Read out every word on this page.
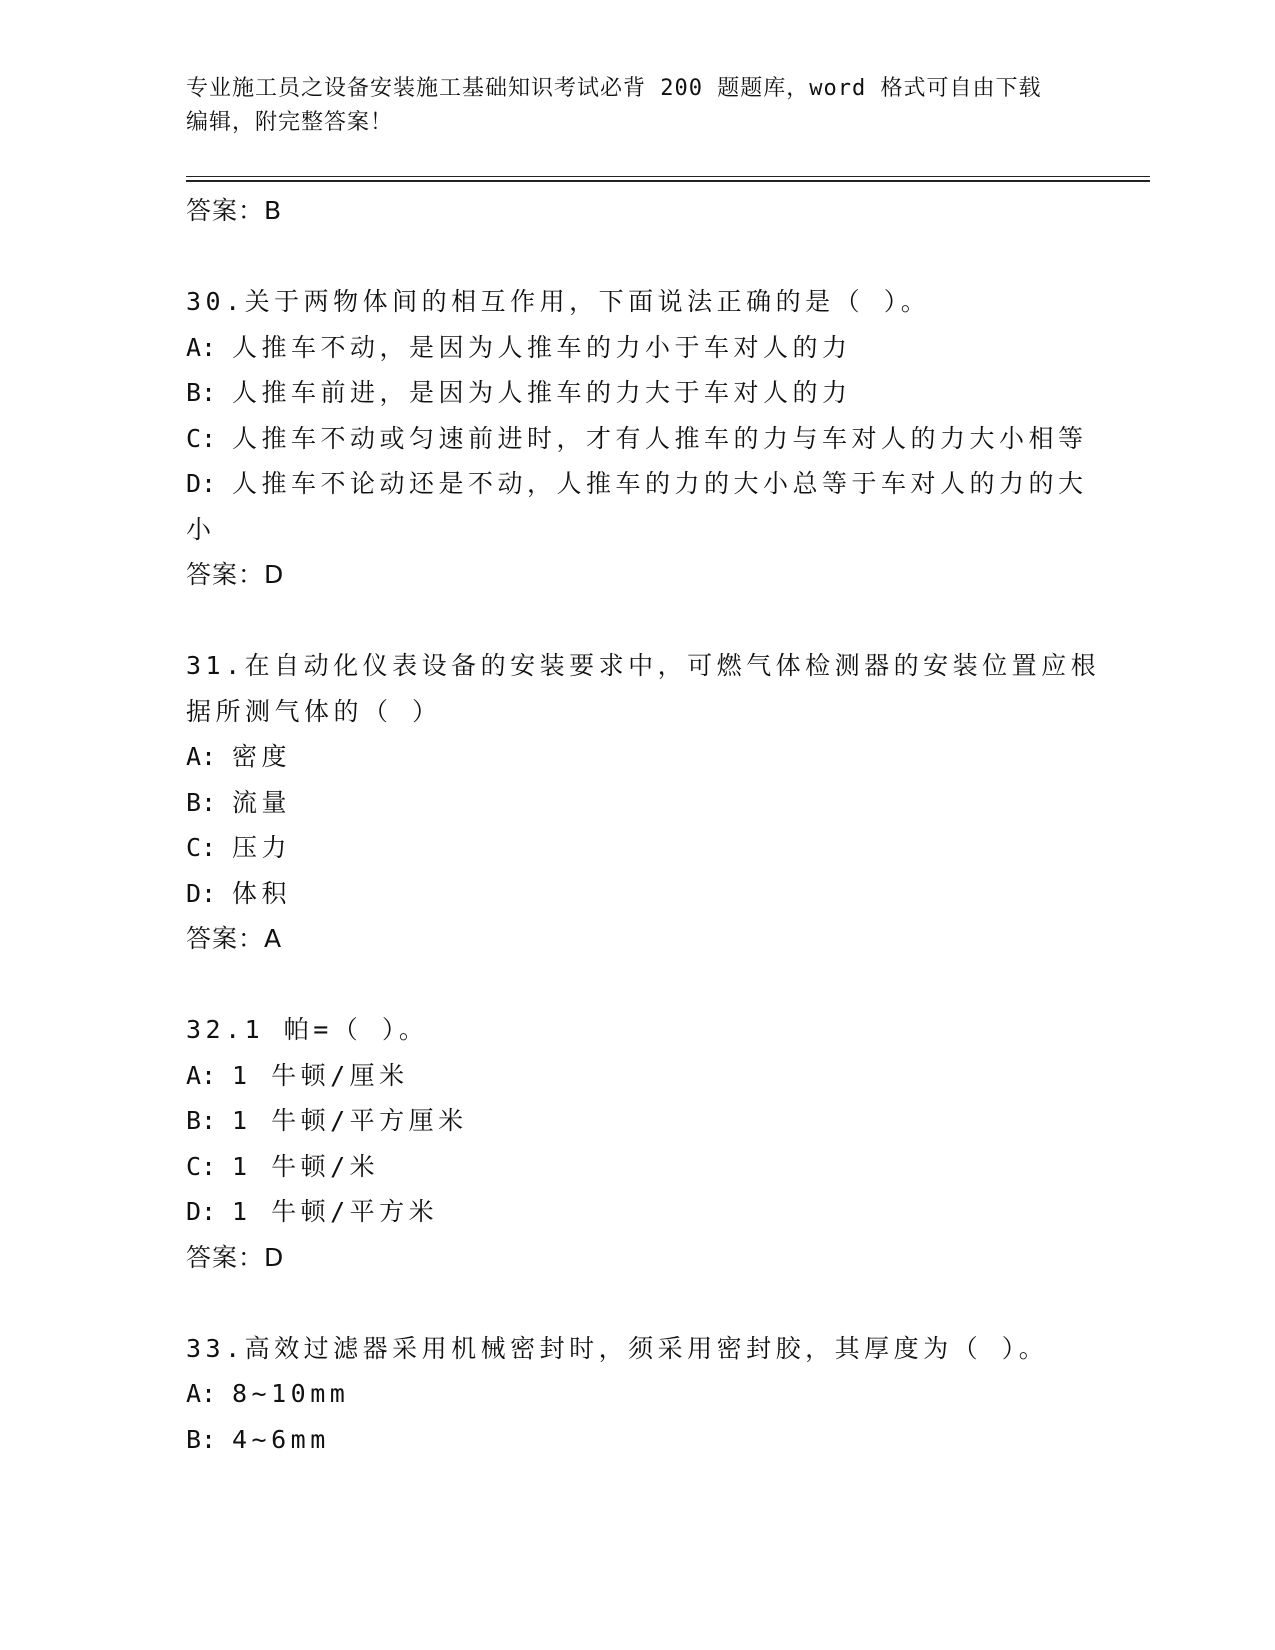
专业施工员之设备安装施工基础知识考试必背 200 题题库，word 格式可自由下载
编辑，附完整答案！
答案：B
30.关于两物体间的相互作用，下面说法正确的是（ ）。
A: 人推车不动，是因为人推车的力小于车对人的力
B: 人推车前进，是因为人推车的力大于车对人的力
C: 人推车不动或匀速前进时，才有人推车的力与车对人的力大小相等
D: 人推车不论动还是不动，人推车的力的大小总等于车对人的力的大
小
答案：D
31.在自动化仪表设备的安装要求中，可燃气体检测器的安装位置应根
据所测气体的（ ）
A: 密度
B: 流量
C: 压力
D: 体积
答案：A
32.1 帕=（ ）。
A: 1 牛顿/厘米
B: 1 牛顿/平方厘米
C: 1 牛顿/米
D: 1 牛顿/平方米
答案：D
33.高效过滤器采用机械密封时，须采用密封胶，其厚度为（ ）。
A: 8~10mm
B: 4~6mm
